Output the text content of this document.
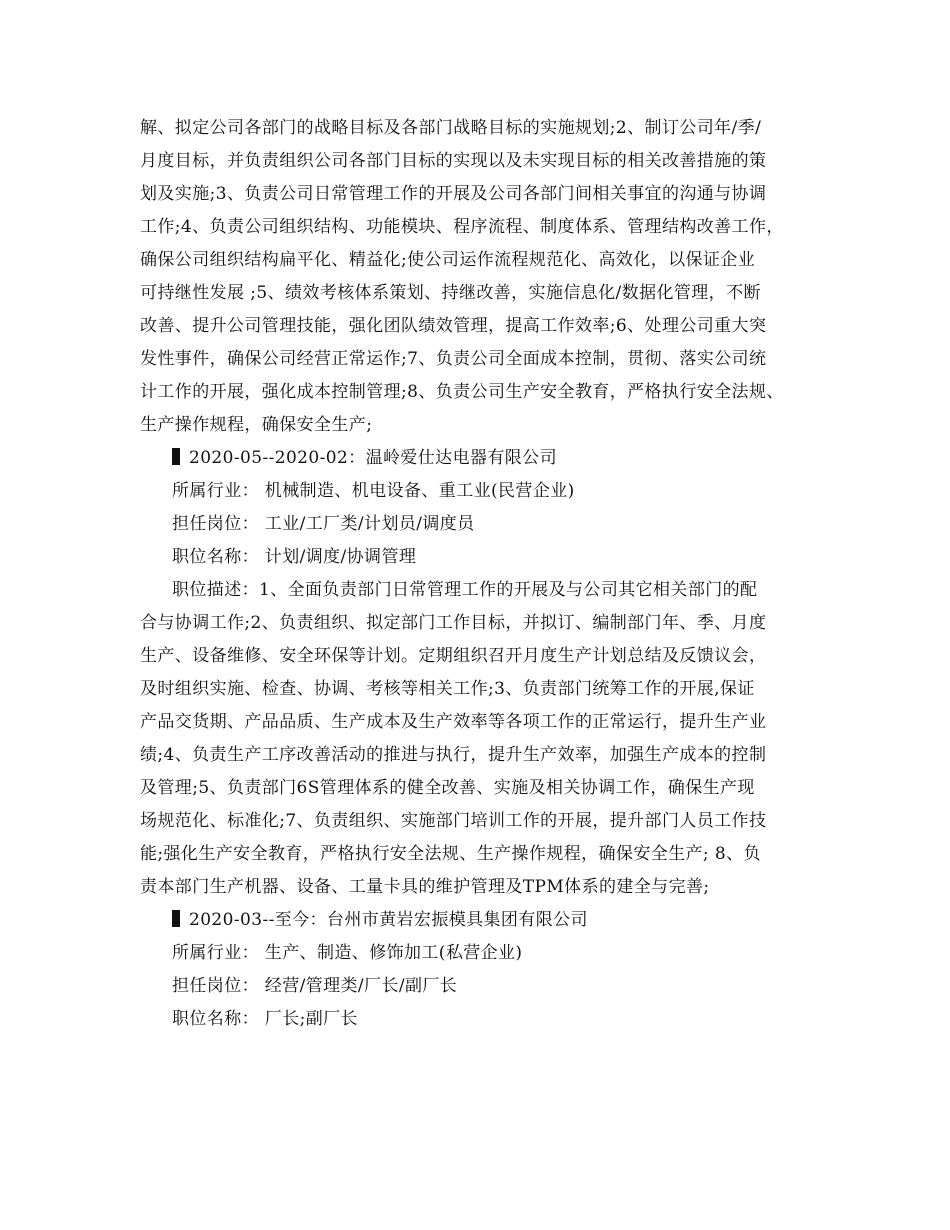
解、拟定公司各部门的战略目标及各部门战略目标的实施规划;2、制订公司年/季/
月度目标，并负责组织公司各部门目标的实现以及未实现目标的相关改善措施的策
划及实施;3、负责公司日常管理工作的开展及公司各部门间相关事宜的沟通与协调
工作;4、负责公司组织结构、功能模块、程序流程、制度体系、管理结构改善工作，
确保公司组织结构扁平化、精益化;使公司运作流程规范化、高效化，以保证企业
可持继性发展 ;5、绩效考核体系策划、持继改善，实施信息化/数据化管理，不断
改善、提升公司管理技能，强化团队绩效管理，提高工作效率;6、处理公司重大突
发性事件，确保公司经营正常运作;7、负责公司全面成本控制，贯彻、落实公司统
计工作的开展，强化成本控制管理;8、负责公司生产安全教育，严格执行安全法规、
生产操作规程，确保安全生产;
2020-05--2020-02：温岭爱仕达电器有限公司
所属行业： 机械制造、机电设备、重工业(民营企业)
担任岗位： 工业/工厂类/计划员/调度员
职位名称： 计划/调度/协调管理
职位描述：1、全面负责部门日常管理工作的开展及与公司其它相关部门的配
合与协调工作;2、负责组织、拟定部门工作目标，并拟订、编制部门年、季、月度
生产、设备维修、安全环保等计划。定期组织召开月度生产计划总结及反馈议会，
及时组织实施、检查、协调、考核等相关工作;3、负责部门统筹工作的开展,保证
产品交货期、产品品质、生产成本及生产效率等各项工作的正常运行，提升生产业
绩;4、负责生产工序改善活动的推进与执行，提升生产效率，加强生产成本的控制
及管理;5、负责部门6S管理体系的健全改善、实施及相关协调工作，确保生产现
场规范化、标准化;7、负责组织、实施部门培训工作的开展，提升部门人员工作技
能;强化生产安全教育，严格执行安全法规、生产操作规程，确保安全生产; 8、负
责本部门生产机器、设备、工量卡具的维护管理及TPM体系的建全与完善;
2020-03--至今：台州市黄岩宏振模具集团有限公司
所属行业： 生产、制造、修饰加工(私营企业)
担任岗位： 经营/管理类/厂长/副厂长
职位名称： 厂长;副厂长
